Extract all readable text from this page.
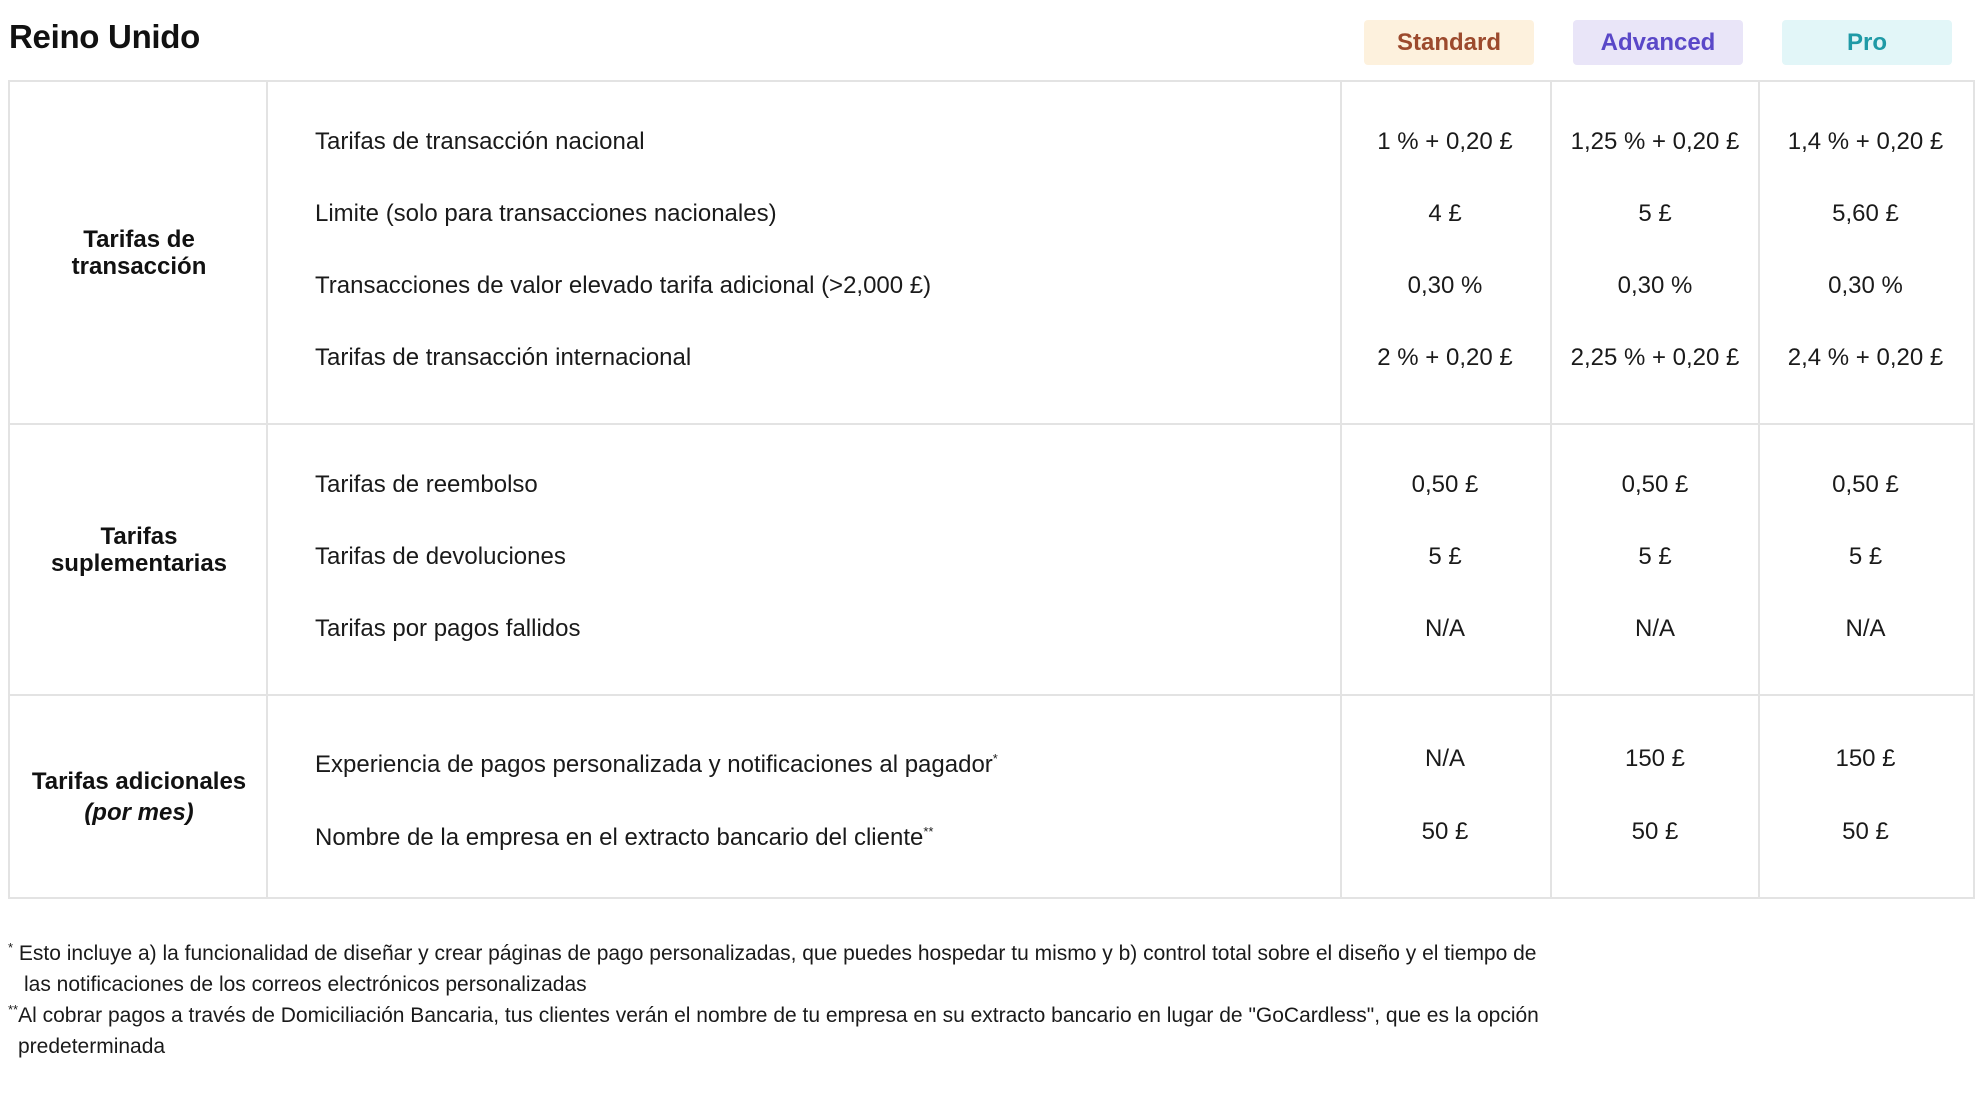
Reino Unido	Standard	Advanced	Pro
Tarifas de
transacción
Tarifas de transacción nacional	1 % + 0,20 £	1,25 % + 0,20 £	1,4 % + 0,20 £
Limite (solo para transacciones nacionales)	4 £	5 £	5,60 £
Transacciones de valor elevado tarifa adicional (>2,000 £)	0,30 %	0,30 %	0,30 %
Tarifas de transacción internacional	2 % + 0,20 £	2,25 % + 0,20 £	2,4 % + 0,20 £
Tarifas
suplementarias
Tarifas de reembolso	0,50 £	0,50 £	0,50 £
Tarifas de devoluciones	5 £	5 £	5 £
Tarifas por pagos fallidos	N/A	N/A	N/A
Tarifas adicionales
(por mes)
Experiencia de pagos personalizada y notificaciones al pagador*	N/A	150 £	150 £
Nombre de la empresa en el extracto bancario del cliente**	50 £	50 £	50 £
* Esto incluye a) la funcionalidad de diseñar y crear páginas de pago personalizadas, que puedes hospedar tu mismo y b) control total sobre el diseño y el tiempo de
las notificaciones de los correos electrónicos personalizadas
**Al cobrar pagos a través de Domiciliación Bancaria, tus clientes verán el nombre de tu empresa en su extracto bancario en lugar de "GoCardless", que es la opción
predeterminada
